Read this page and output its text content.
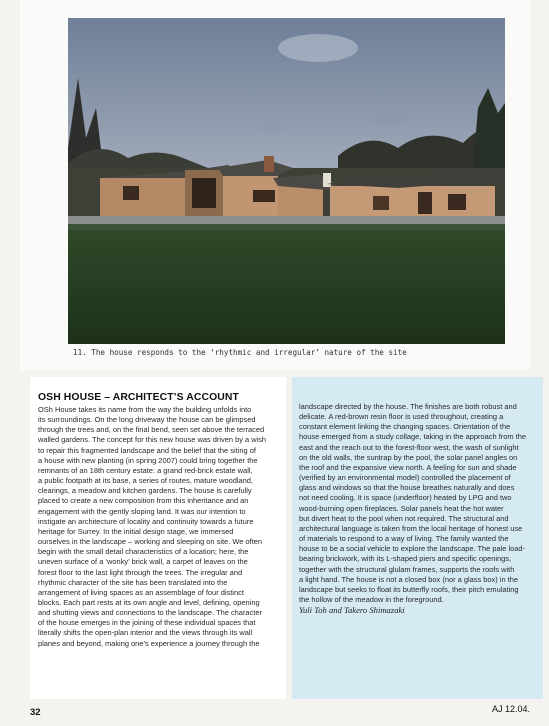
11. The house responds to the ‘rhythmic and irregular’ nature of the site
OSH HOUSE – ARCHITECT’S ACCOUNT
OSh House takes its name from the way the building unfolds into
its surroundings. On the long driveway the house can be glimpsed
through the trees and, on the final bend, seen set above the terraced
walled gardens. The concept for this new house was driven by a wish
to repair this fragmented landscape and the belief that the siting of
a house with new planting (in spring 2007) could bring together the
remnants of an 18th century estate: a grand red-brick estate wall,
a public footpath at its base, a series of routes, mature woodland,
clearings, a meadow and kitchen gardens. The house is carefully
placed to create a new composition from this inheritance and an
engagement with the gently sloping land. It was our intention to
instigate an architecture of locality and continuity towards a future
heritage for Surrey. In the initial design stage, we immersed
ourselves in the landscape – working and sleeping on site. We often
begin with the small detail characteristics of a location; here, the
uneven surface of a ‘wonky’ brick wall, a carpet of leaves on the
forest floor to the last light through the trees. The irregular and
rhythmic character of the site has been translated into the
arrangement of living spaces as an assemblage of four distinct
blocks. Each part rests at its own angle and level, defining, opening
and shutting views and connections to the landscape. The character
of the house emerges in the joining of these individual spaces that
literally shifts the open-plan interior and the views through its wall
planes and beyond, making one’s experience a journey through the
landscape directed by the house. The finishes are both robust and
delicate. A red-brown resin floor is used throughout, creating a
constant element linking the changing spaces. Orientation of the
house emerged from a study collage, taking in the approach from the
east and the reach out to the forest-floor west, the wash of sunlight
on the old walls, the suntrap by the pool, the solar panel angles on
the roof and the expansive view north. A feeling for sun and shade
(verified by an environmental model) controlled the placement of
glass and windows so that the house breathes naturally and does
not need cooling. It is space (underfloor) heated by LPG and two
wood-burning open fireplaces. Solar panels heat the hot water
but divert heat to the pool when not required. The structural and
architectural language is taken from the local heritage of honest use
of materials to respond to a way of living. The family wanted the
house to be a social vehicle to explore the landscape. The pale load-
bearing brickwork, with its L-shaped piers and specific openings,
together with the structural glulam frames, supports the roofs with
a light hand. The house is not a closed box (nor a glass box) in the
landscape but seeks to float its butterfly roofs, their pitch emulating
the hollow of the meadow in the foreground.
Yuli Toh and Takero Shimazaki
32	AJ 12.04.
